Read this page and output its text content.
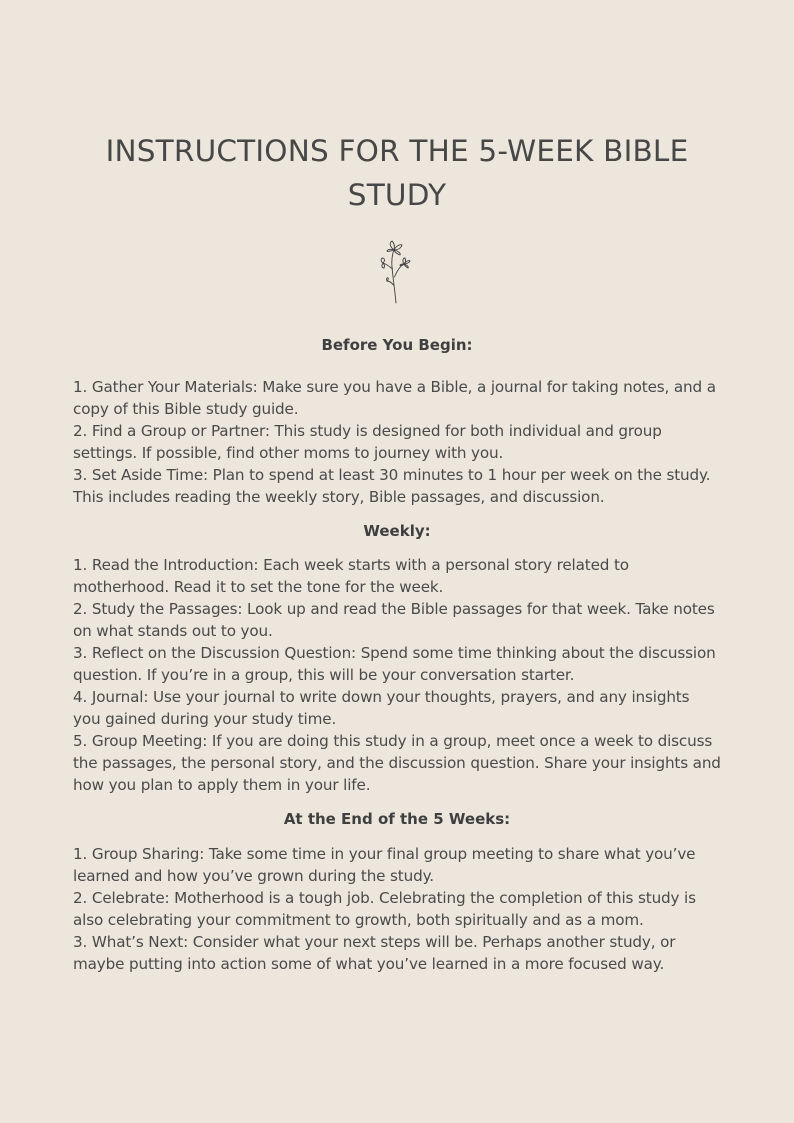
INSTRUCTIONS FOR THE 5-WEEK BIBLE
STUDY
Before You Begin:
1. Gather Your Materials: Make sure you have a Bible, a journal for taking notes, and a copy of this Bible study guide.
2. Find a Group or Partner: This study is designed for both individual and group settings. If possible, find other moms to journey with you.
3. Set Aside Time: Plan to spend at least 30 minutes to 1 hour per week on the study. This includes reading the weekly story, Bible passages, and discussion.
Weekly:
1. Read the Introduction: Each week starts with a personal story related to motherhood. Read it to set the tone for the week.
2. Study the Passages: Look up and read the Bible passages for that week. Take notes on what stands out to you.
3. Reflect on the Discussion Question: Spend some time thinking about the discussion question. If you’re in a group, this will be your conversation starter.
4. Journal: Use your journal to write down your thoughts, prayers, and any insights you gained during your study time.
5. Group Meeting: If you are doing this study in a group, meet once a week to discuss the passages, the personal story, and the discussion question. Share your insights and how you plan to apply them in your life.
At the End of the 5 Weeks:
1. Group Sharing: Take some time in your final group meeting to share what you’ve learned and how you’ve grown during the study.
2. Celebrate: Motherhood is a tough job. Celebrating the completion of this study is also celebrating your commitment to growth, both spiritually and as a mom.
3. What’s Next: Consider what your next steps will be. Perhaps another study, or maybe putting into action some of what you’ve learned in a more focused way.
